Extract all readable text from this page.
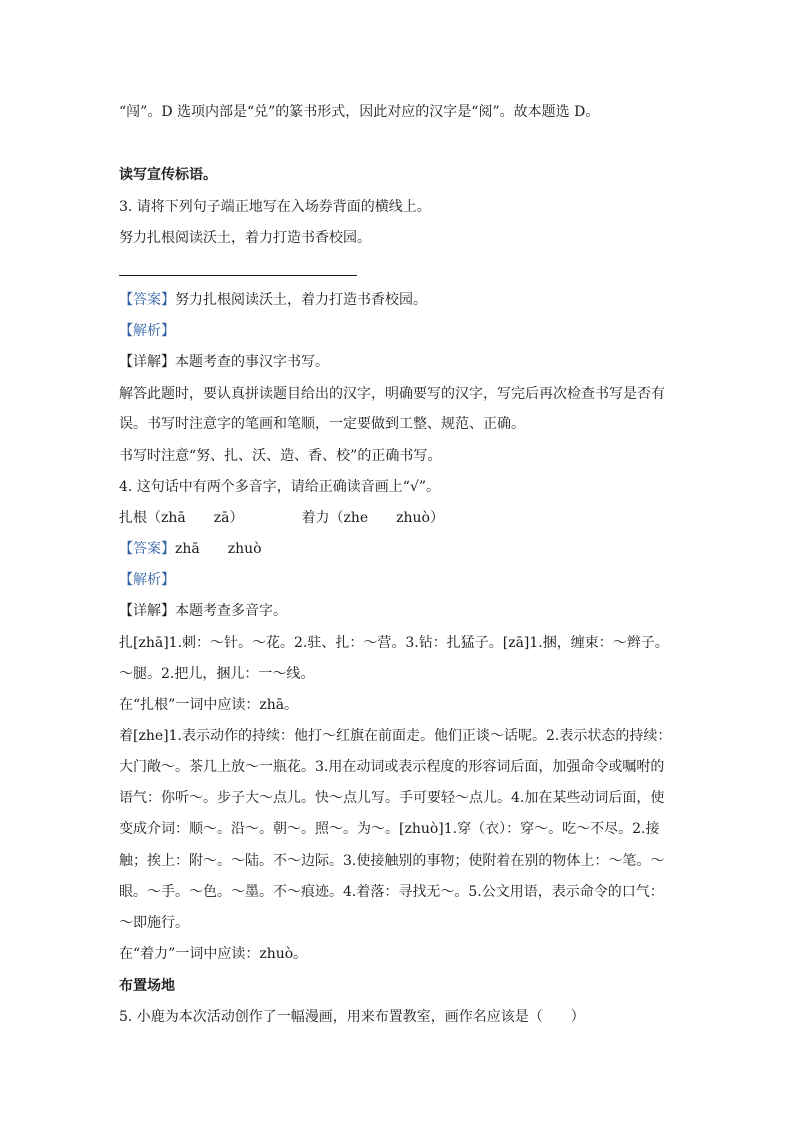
“闯”。D 选项内部是“兑”的篆书形式，因此对应的汉字是“阅”。故本题选 D。
读写宣传标语。
3. 请将下列句子端正地写在入场券背面的横线上。
努力扎根阅读沃土，着力打造书香校园。
【答案】努力扎根阅读沃土，着力打造书香校园。
【解析】
【详解】本题考查的事汉字书写。
解答此题时，要认真拼读题目给出的汉字，明确要写的汉字，写完后再次检查书写是否有
误。书写时注意字的笔画和笔顺，一定要做到工整、规范、正确。
书写时注意“努、扎、沃、造、香、校”的正确书写。
4. 这句话中有两个多音字，请给正确读音画上“√”。
扎根（zhā　　zā）	着力（zhe　　zhuò）
【答案】zhā zhuò
【解析】
【详解】本题考查多音字。
扎[zhā]1.刺：～针。～花。2.驻、扎：～营。3.钻：扎猛子。[zā]1.捆，缠束：～辫子。
～腿。2.把儿，捆儿：一～线。
在“扎根”一词中应读：zhā。
着[zhe]1.表示动作的持续：他打～红旗在前面走。他们正谈～话呢。2.表示状态的持续：
大门敞～。茶几上放～一瓶花。3.用在动词或表示程度的形容词后面，加强命令或嘱咐的
语气：你听～。步子大～点儿。快～点儿写。手可要轻～点儿。4.加在某些动词后面，使
变成介词：顺～。沿～。朝～。照～。为～。[zhuò]1.穿（衣）：穿～。吃～不尽。2.接
触；挨上：附～。～陆。不～边际。3.使接触别的事物；使附着在别的物体上：～笔。～
眼。～手。～色。～墨。不～痕迹。4.着落：寻找无～。5.公文用语，表示命令的口气：
～即施行。
在“着力”一词中应读：zhuò。
布置场地
5. 小鹿为本次活动创作了一幅漫画，用来布置教室，画作名应该是（　　）
